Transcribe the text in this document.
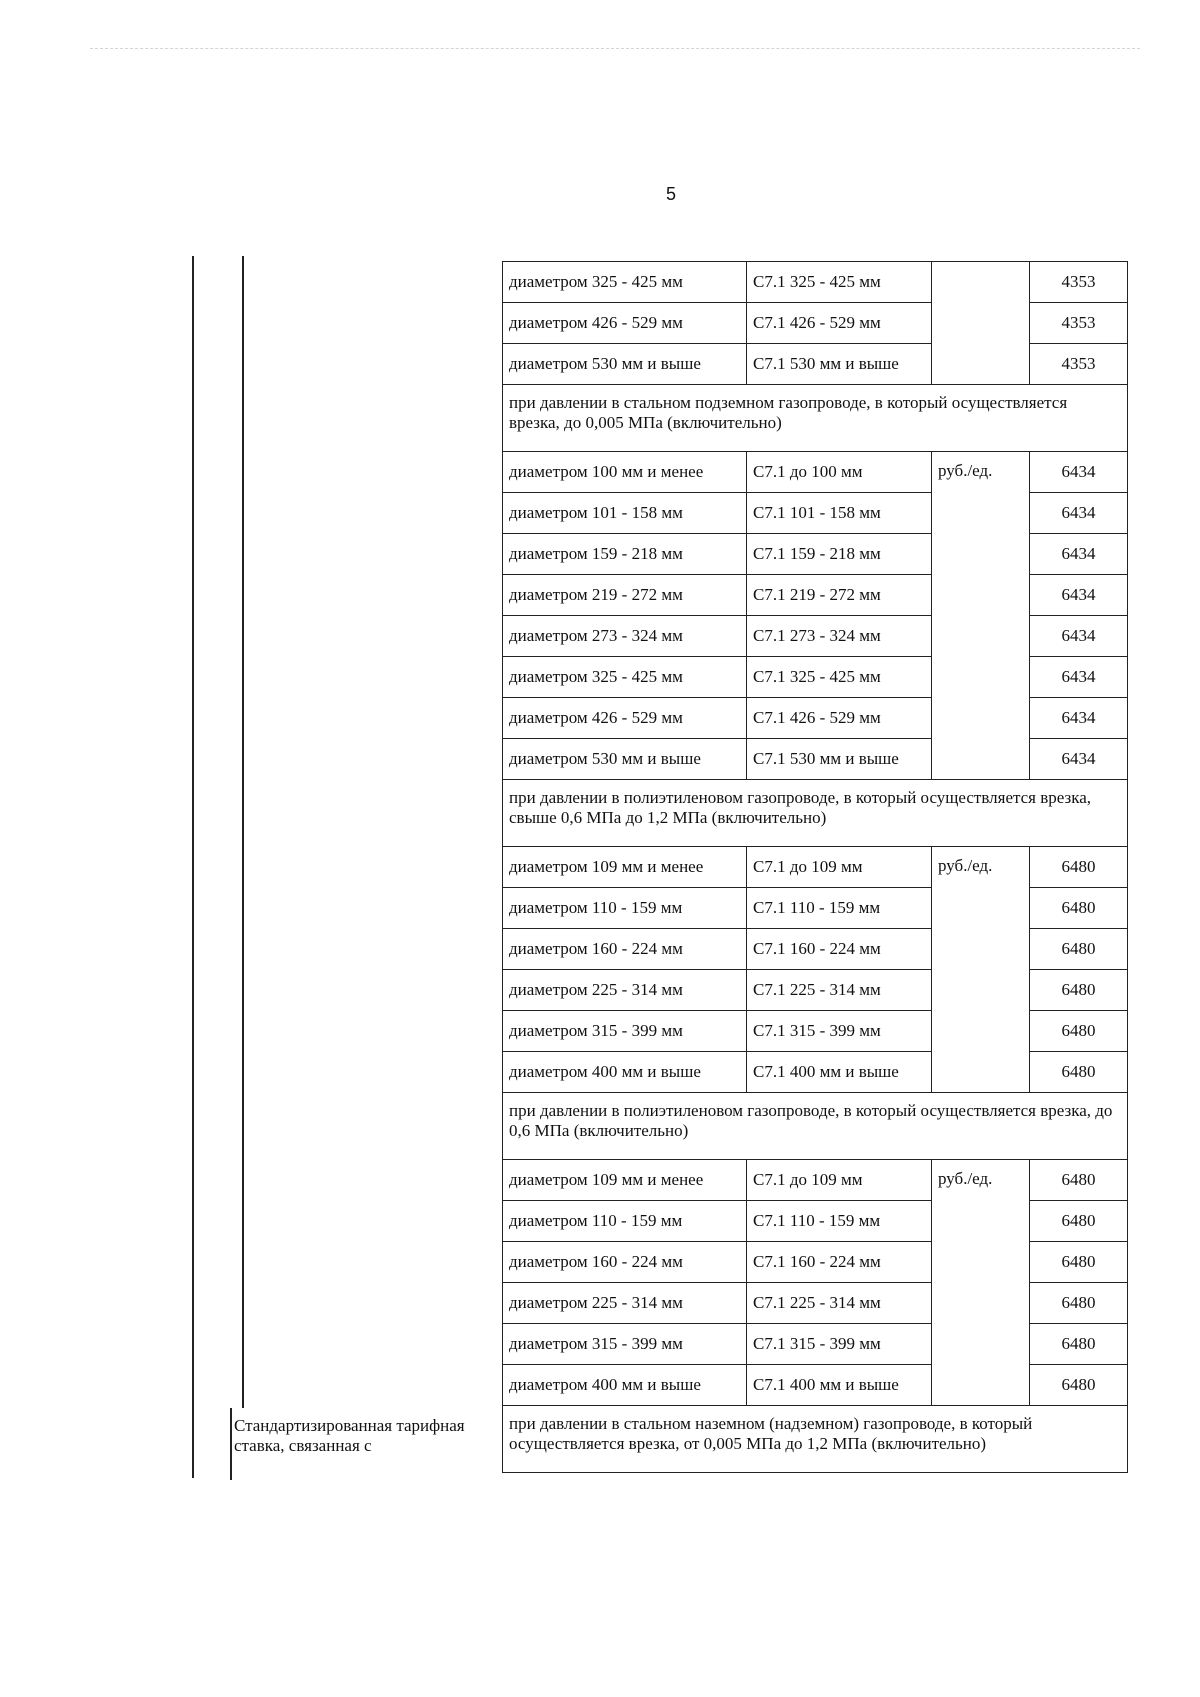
5
диаметром 325 - 425 мм	С7.1 325 - 425 мм		4353
диаметром 426 - 529 мм	С7.1 426 - 529 мм		4353
диаметром 530 мм и выше	С7.1 530 мм и выше		4353
при давлении в стальном подземном газопроводе, в который осуществляется врезка, до 0,005 МПа (включительно)			
диаметром 100 мм и менее	С7.1 до 100 мм	руб./ед.	6434
диаметром 101 - 158 мм	С7.1 101 - 158 мм		6434
диаметром 159 - 218 мм	С7.1 159 - 218 мм		6434
диаметром 219 - 272 мм	С7.1 219 - 272 мм		6434
диаметром 273 - 324 мм	С7.1 273 - 324 мм		6434
диаметром 325 - 425 мм	С7.1 325 - 425 мм		6434
диаметром 426 - 529 мм	С7.1 426 - 529 мм		6434
диаметром 530 мм и выше	С7.1 530 мм и выше		6434
при давлении в полиэтиленовом газопроводе, в который осуществляется врезка, свыше 0,6 МПа до 1,2 МПа (включительно)			
диаметром 109 мм и менее	С7.1 до 109 мм	руб./ед.	6480
диаметром 110 - 159 мм	С7.1 110 - 159 мм		6480
диаметром 160 - 224 мм	С7.1 160 - 224 мм		6480
диаметром 225 - 314 мм	С7.1 225 - 314 мм		6480
диаметром 315 - 399 мм	С7.1 315 - 399 мм		6480
диаметром 400 мм и выше	С7.1 400 мм и выше		6480
при давлении в полиэтиленовом газопроводе, в который осуществляется врезка, до 0,6 МПа (включительно)			
диаметром 109 мм и менее	С7.1 до 109 мм	руб./ед.	6480
диаметром 110 - 159 мм	С7.1 110 - 159 мм		6480
диаметром 160 - 224 мм	С7.1 160 - 224 мм		6480
диаметром 225 - 314 мм	С7.1 225 - 314 мм		6480
диаметром 315 - 399 мм	С7.1 315 - 399 мм		6480
диаметром 400 мм и выше	С7.1 400 мм и выше		6480
при давлении в стальном наземном (надземном) газопроводе, в который осуществляется врезка, от 0,005 МПа до 1,2 МПа (включительно)			
Стандартизированная тарифная ставка, связанная с
